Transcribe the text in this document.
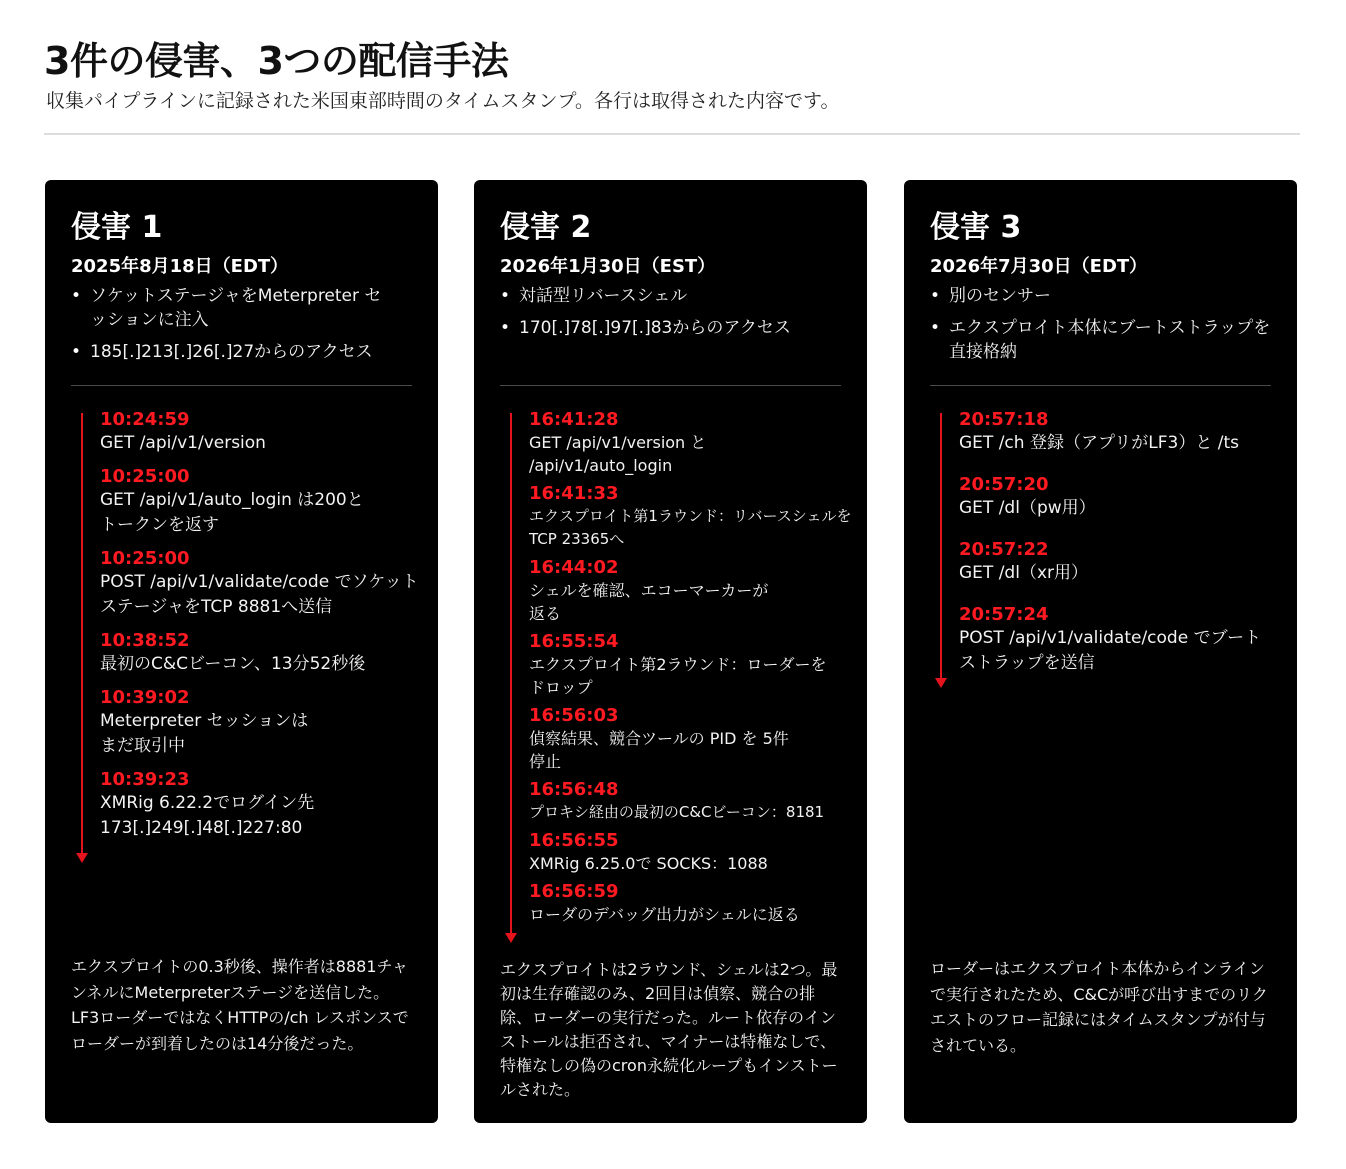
3件の侵害、3つの配信手法

収集パイプラインに記録された米国東部時間のタイムスタンプ。各行は取得された内容です。

侵害 1
2025年8月18日（EDT）
• ソケットステージャをMeterpreter セッションに注入
• 185[.]213[.]26[.]27からのアクセス
10:24:59
GET /api/v1/version
10:25:00
GET /api/v1/auto_login は200とトークンを返す
10:25:00
POST /api/v1/validate/code でソケットステージャをTCP 8881へ送信
10:38:52
最初のC&Cビーコン、13分52秒後
10:39:02
Meterpreter セッションは まだ取引中
10:39:23
XMRig 6.22.2でログイン先 173[.]249[.]48[.]227:80

エクスプロイトの0.3秒後、操作者は8881チャンネルにMeterpreterステージを送信した。LF3ローダーではなくHTTPの/ch レスポンスでローダーが到着したのは14分後だった。

侵害 2
2026年1月30日（EST）
• 対話型リバースシェル
• 170[.]78[.]97[.]83からのアクセス
16:41:28
GET /api/v1/version と /api/v1/auto_login
16:41:33
エクスプロイト第1ラウンド：リバースシェルをTCP 23365へ
16:44:02
シェルを確認、エコーマーカーが 返る
16:55:54
エクスプロイト第2ラウンド：ローダーをドロップ
16:56:03
偵察結果、競合ツールの PID を 5件停止
16:56:48
プロキシ経由の最初のC&Cビーコン：8181
16:56:55
XMRig 6.25.0で SOCKS：1088
16:56:59
ローダのデバッグ出力がシェルに返る

エクスプロイトは2ラウンド、シェルは2つ。最初は生存確認のみ、2回目は偵察、競合の排除、ローダーの実行だった。ルート依存のインストールは拒否され、マイナーは特権なしで、特権なしの偽のcron永続化ループもインストールされた。

侵害 3
2026年7月30日（EDT）
• 別のセンサー
• エクスプロイト本体にブートストラップを直接格納
20:57:18
GET /ch 登録（アプリがLF3）と /ts
20:57:20
GET /dl（pw用）
20:57:22
GET /dl（xr用）
20:57:24
POST /api/v1/validate/code でブートストラップを送信

ローダーはエクスプロイト本体からインラインで実行されたため、C&Cが呼び出すまでのリクエストのフロー記録にはタイムスタンプが付与されている。
